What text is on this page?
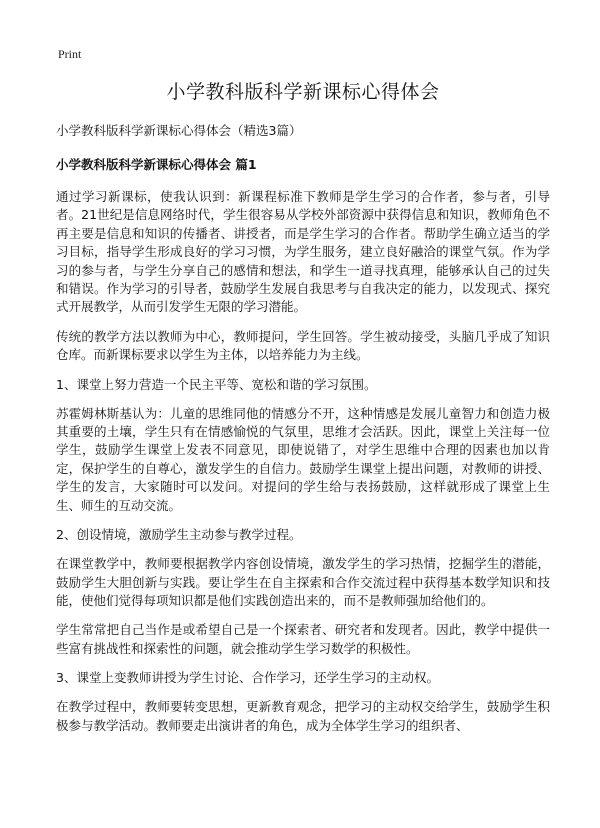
Print
小学教科版科学新课标心得体会

小学教科版科学新课标心得体会（精选3篇）

小学教科版科学新课标心得体会 篇1

通过学习新课标，使我认识到：新课程标准下教师是学生学习的合作者，参与者，引导者。21世纪是信息网络时代，学生很容易从学校外部资源中获得信息和知识，教师角色不再主要是信息和知识的传播者、讲授者，而是学生学习的合作者。帮助学生确立适当的学习目标，指导学生形成良好的学习习惯，为学生服务，建立良好融洽的课堂气氛。作为学习的参与者，与学生分享自己的感情和想法，和学生一道寻找真理，能够承认自己的过失和错误。作为学习的引导者，鼓励学生发展自我思考与自我决定的能力，以发现式、探究式开展教学，从而引发学生无限的学习潜能。

传统的教学方法以教师为中心，教师提问，学生回答。学生被动接受，头脑几乎成了知识仓库。而新课标要求以学生为主体，以培养能力为主线。

1、课堂上努力营造一个民主平等、宽松和谐的学习氛围。

苏霍姆林斯基认为：儿童的思维同他的情感分不开，这种情感是发展儿童智力和创造力极其重要的土壤，学生只有在情感愉悦的气氛里，思维才会活跃。因此，课堂上关注每一位学生，鼓励学生课堂上发表不同意见，即使说错了，对学生思维中合理的因素也加以肯定，保护学生的自尊心，激发学生的自信力。鼓励学生课堂上提出问题，对教师的讲授、学生的发言，大家随时可以发问。对提问的学生给与表扬鼓励，这样就形成了课堂上生生、师生的互动交流。

2、创设情境，激励学生主动参与教学过程。

在课堂教学中，教师要根据教学内容创设情境，激发学生的学习热情，挖掘学生的潜能，鼓励学生大胆创新与实践。要让学生在自主探索和合作交流过程中获得基本数学知识和技能，使他们觉得每项知识都是他们实践创造出来的，而不是教师强加给他们的。

学生常常把自己当作是或希望自己是一个探索者、研究者和发现者。因此，教学中提供一些富有挑战性和探索性的问题，就会推动学生学习数学的积极性。

3、课堂上变教师讲授为学生讨论、合作学习，还学生学习的主动权。

在教学过程中，教师要转变思想，更新教育观念，把学习的主动权交给学生，鼓励学生积极参与教学活动。教师要走出演讲者的角色，成为全体学生学习的组织者、
